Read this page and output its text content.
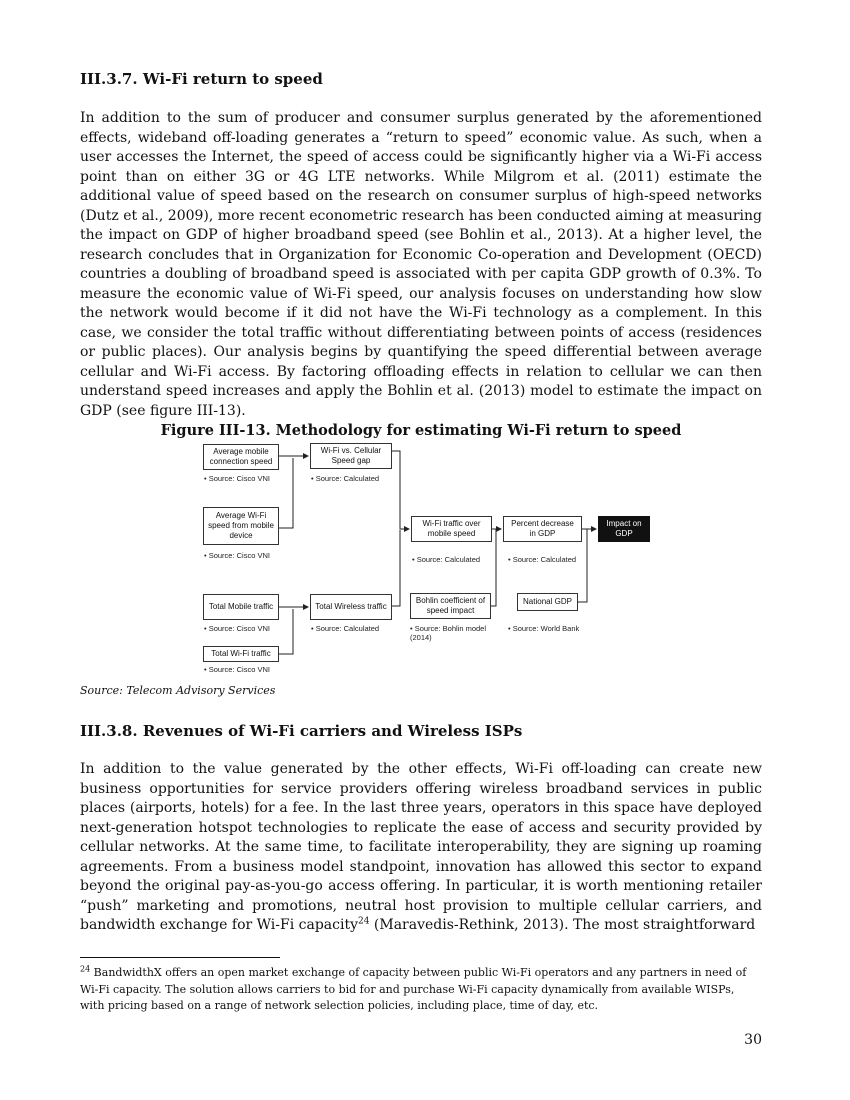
III.3.7. Wi-Fi return to speed

In addition to the sum of producer and consumer surplus generated by the aforementioned effects, wideband off-loading generates a “return to speed” economic value. As such, when a user accesses the Internet, the speed of access could be significantly higher via a Wi-Fi access point than on either 3G or 4G LTE networks. While Milgrom et al. (2011) estimate the additional value of speed based on the research on consumer surplus of high-speed networks (Dutz et al., 2009), more recent econometric research has been conducted aiming at measuring the impact on GDP of higher broadband speed (see Bohlin et al., 2013). At a higher level, the research concludes that in Organization for Economic Co-operation and Development (OECD) countries a doubling of broadband speed is associated with per capita GDP growth of 0.3%. To measure the economic value of Wi-Fi speed, our analysis focuses on understanding how slow the network would become if it did not have the Wi-Fi technology as a complement. In this case, we consider the total traffic without differentiating between points of access (residences or public places). Our analysis begins by quantifying the speed differential between average cellular and Wi-Fi access. By factoring offloading effects in relation to cellular we can then understand speed increases and apply the Bohlin et al. (2013) model to estimate the impact on GDP (see figure III-13).

Figure III-13. Methodology for estimating Wi-Fi return to speed

Average mobile connection speed
• Source: Cisco VNI
Wi-Fi vs. Cellular Speed gap
• Source: Calculated
Average Wi-Fi speed from mobile device
• Source: Cisco VNI
Wi-Fi traffic over mobile speed
• Source: Calculated
Percent decrease in GDP
• Source: Calculated
Impact on GDP
Total Mobile traffic
• Source: Cisco VNI
Total Wireless traffic
• Source: Calculated
Bohlin coefficient of speed impact
• Source: Bohlin model (2014)
National GDP
• Source: World Bank
Total Wi-Fi traffic
• Source: Cisco VNI

Source: Telecom Advisory Services

III.3.8. Revenues of Wi-Fi carriers and Wireless ISPs

In addition to the value generated by the other effects, Wi-Fi off-loading can create new business opportunities for service providers offering wireless broadband services in public places (airports, hotels) for a fee. In the last three years, operators in this space have deployed next-generation hotspot technologies to replicate the ease of access and security provided by cellular networks. At the same time, to facilitate interoperability, they are signing up roaming agreements. From a business model standpoint, innovation has allowed this sector to expand beyond the original pay-as-you-go access offering. In particular, it is worth mentioning retailer “push” marketing and promotions, neutral host provision to multiple cellular carriers, and bandwidth exchange for Wi-Fi capacity$^{24}$ (Maravedis-Rethink, 2013). The most straightforward

$^{24}$ BandwidthX offers an open market exchange of capacity between public Wi-Fi operators and any partners in need of Wi-Fi capacity. The solution allows carriers to bid for and purchase Wi-Fi capacity dynamically from available WISPs, with pricing based on a range of network selection policies, including place, time of day, etc.

30
